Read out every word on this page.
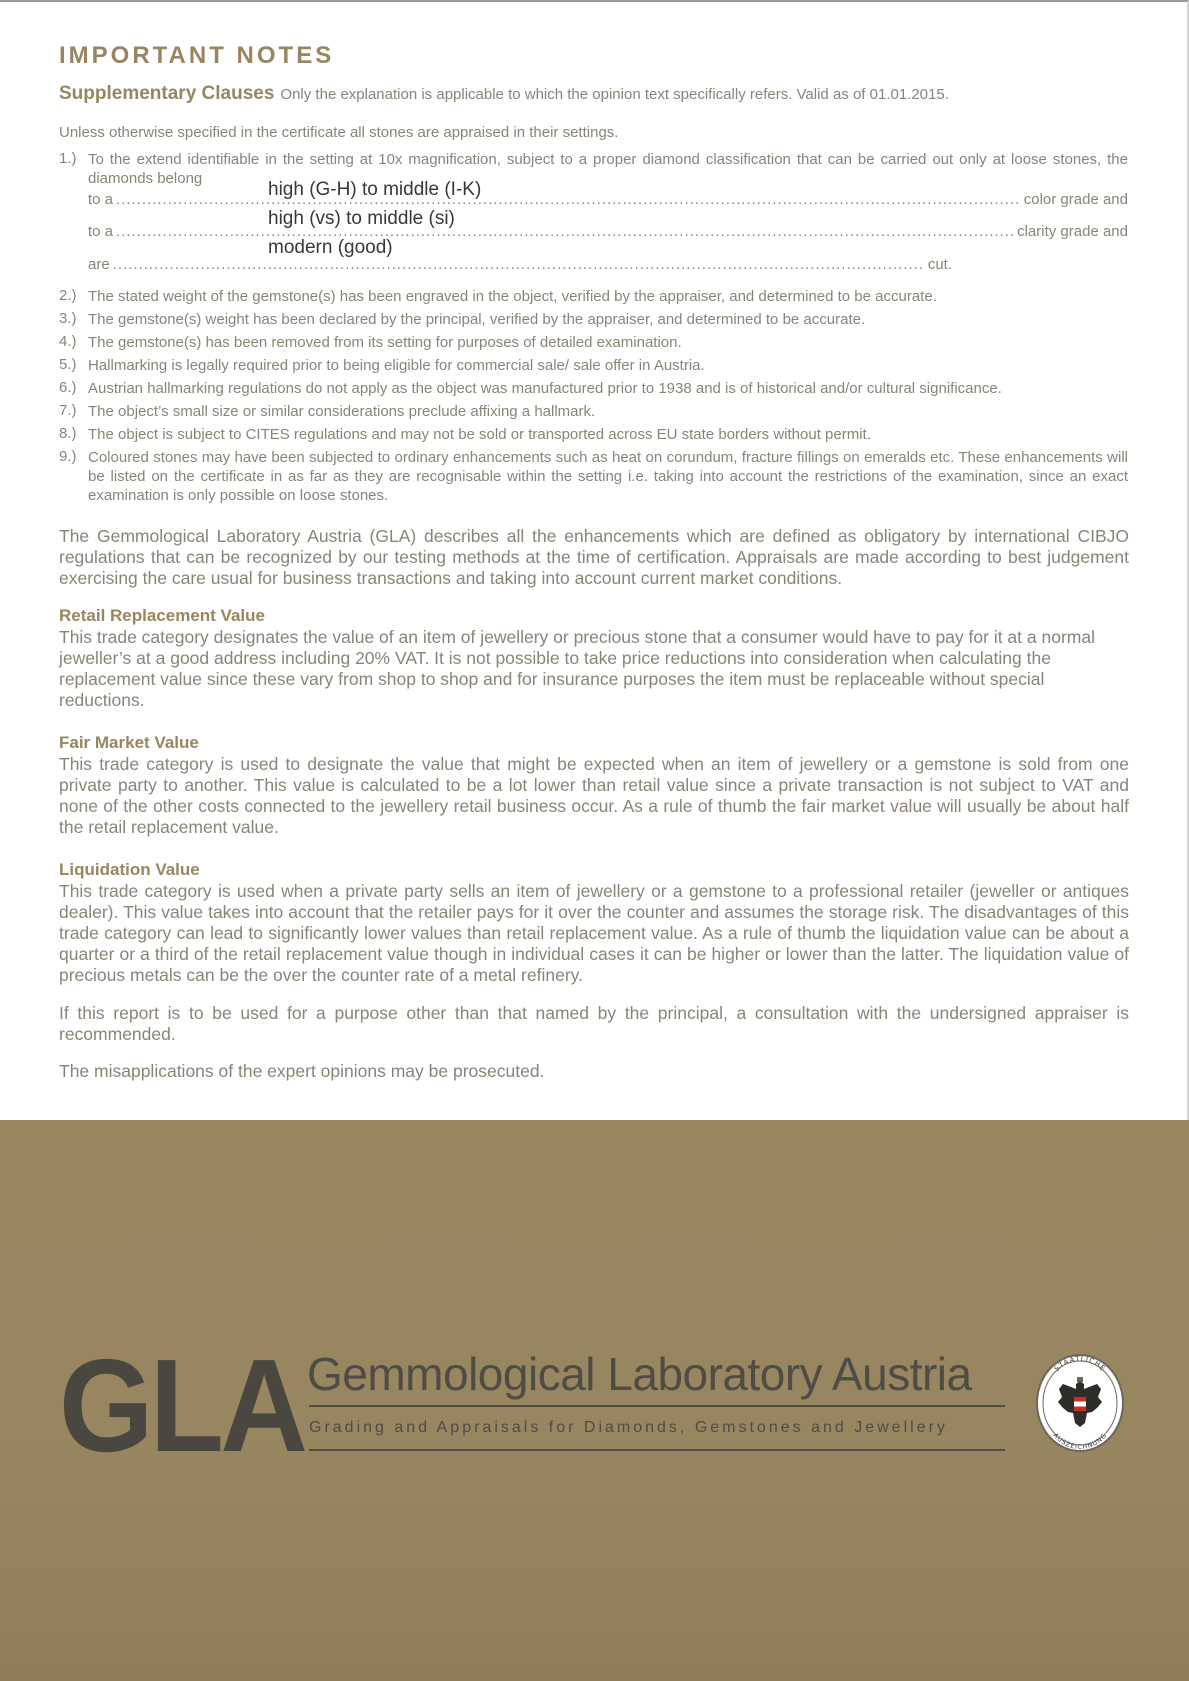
IMPORTANT NOTES
Supplementary Clauses Only the explanation is applicable to which the opinion text specifically refers. Valid as of 01.01.2015.
Unless otherwise specified in the certificate all stones are appraised in their settings.
1.) To the extend identifiable in the setting at 10x magnification, subject to a proper diamond classification that can be carried out only at loose stones, the diamonds belong
to a .....	color grade and
high (G-H) to middle (I-K)
to a .....	clarity grade and
high (vs) to middle (si)
are .....	cut.
modern (good)
2.) The stated weight of the gemstone(s) has been engraved in the object, verified by the appraiser, and determined to be accurate.
3.) The gemstone(s) weight has been declared by the principal, verified by the appraiser, and determined to be accurate.
4.) The gemstone(s) has been removed from its setting for purposes of detailed examination.
5.) Hallmarking is legally required prior to being eligible for commercial sale/ sale offer in Austria.
6.) Austrian hallmarking regulations do not apply as the object was manufactured prior to 1938 and is of historical and/or cultural significance.
7.) The object’s small size or similar considerations preclude affixing a hallmark.
8.) The object is subject to CITES regulations and may not be sold or transported across EU state borders without permit.
9.) Coloured stones may have been subjected to ordinary enhancements such as heat on corundum, fracture fillings on emeralds etc. These enhancements will be listed on the certificate in as far as they are recognisable within the setting i.e. taking into account the restrictions of the examination, since an exact examination is only possible on loose stones.
The Gemmological Laboratory Austria (GLA) describes all the enhancements which are defined as obligatory by international CIBJO regulations that can be recognized by our testing methods at the time of certification. Appraisals are made according to best judgement exercising the care usual for business transactions and taking into account current market conditions.
Retail Replacement Value
This trade category designates the value of an item of jewellery or precious stone that a consumer would have to pay for it at a normal jeweller’s at a good address including 20% VAT. It is not possible to take price reductions into consideration when calculating the replacement value since these vary from shop to shop and for insurance purposes the item must be replaceable without special reductions.
Fair Market Value
This trade category is used to designate the value that might be expected when an item of jewellery or a gemstone is sold from one private party to another. This value is calculated to be a lot lower than retail value since a private transaction is not subject to VAT and none of the other costs connected to the jewellery retail business occur. As a rule of thumb the fair market value will usually be about half the retail replacement value.
Liquidation Value
This trade category is used when a private party sells an item of jewellery or a gemstone to a professional retailer (jeweller or antiques dealer). This value takes into account that the retailer pays for it over the counter and assumes the storage risk. The disadvantages of this trade category can lead to significantly lower values than retail replacement value. As a rule of thumb the liquidation value can be about a quarter or a third of the retail replacement value though in individual cases it can be higher or lower than the latter. The liquidation value of precious metals can be the over the counter rate of a metal refinery.
If this report is to be used for a purpose other than that named by the principal, a consultation with the undersigned appraiser is recommended.
The misapplications of the expert opinions may be prosecuted.
GLA Gemmological Laboratory Austria
Grading and Appraisals for Diamonds, Gemstones and Jewellery
STAATLICHE
AUSZEICHNUNG
